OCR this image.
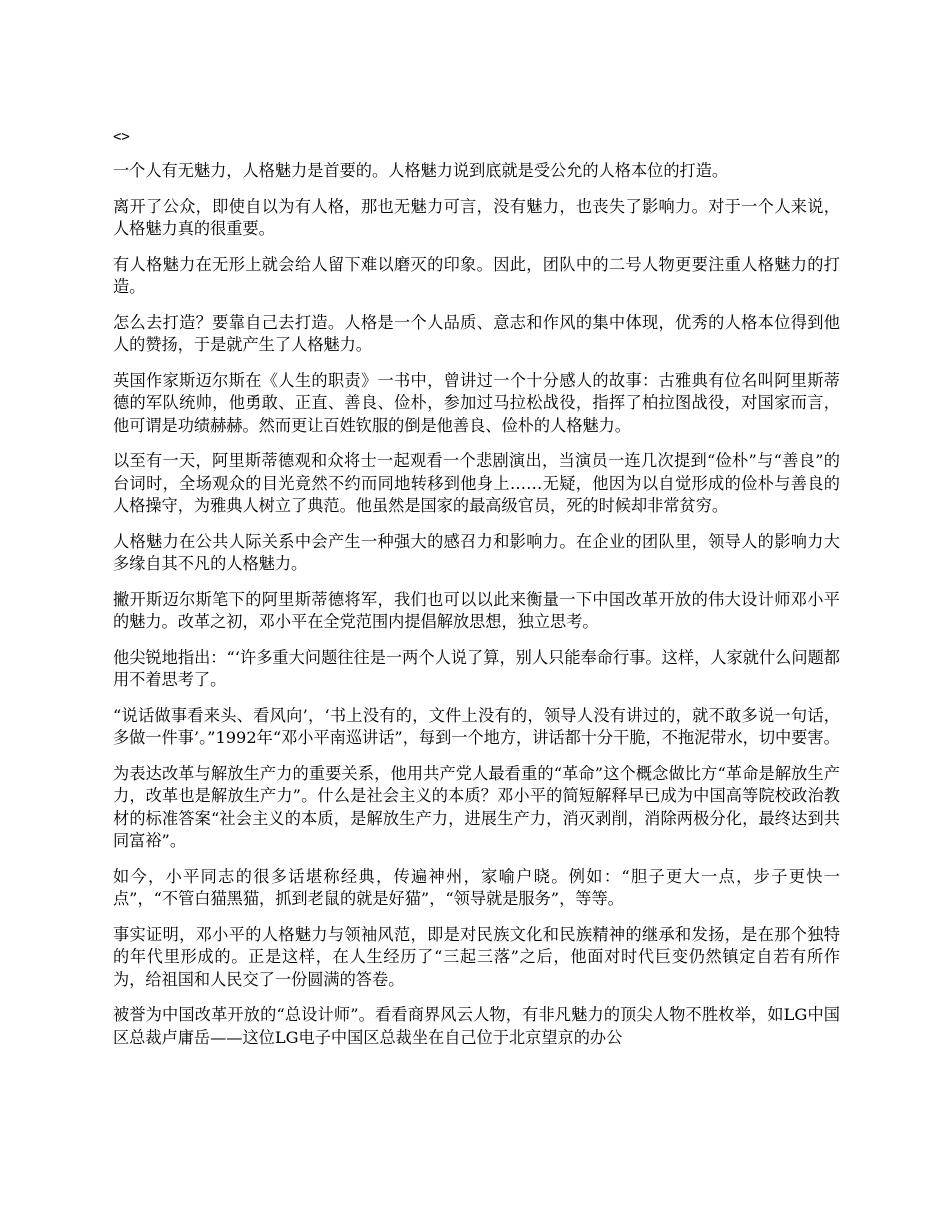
<>

一个人有无魅力，人格魅力是首要的。人格魅力说到底就是受公允的人格本位的打造。

离开了公众，即使自以为有人格，那也无魅力可言，没有魅力，也丧失了影响力。对于一个人来说，人格魅力真的很重要。

有人格魅力在无形上就会给人留下难以磨灭的印象。因此，团队中的二号人物更要注重人格魅力的打造。

怎么去打造？要靠自己去打造。人格是一个人品质、意志和作风的集中体现，优秀的人格本位得到他人的赞扬，于是就产生了人格魅力。

英国作家斯迈尔斯在《人生的职责》一书中，曾讲过一个十分感人的故事：古雅典有位名叫阿里斯蒂德的军队统帅，他勇敢、正直、善良、俭朴，参加过马拉松战役，指挥了柏拉图战役，对国家而言，他可谓是功绩赫赫。然而更让百姓钦服的倒是他善良、俭朴的人格魅力。

以至有一天，阿里斯蒂德观和众将士一起观看一个悲剧演出，当演员一连几次提到“俭朴”与“善良”的台词时，全场观众的目光竟然不约而同地转移到他身上……无疑，他因为以自觉形成的俭朴与善良的人格操守，为雅典人树立了典范。他虽然是国家的最高级官员，死的时候却非常贫穷。

人格魅力在公共人际关系中会产生一种强大的感召力和影响力。在企业的团队里，领导人的影响力大多缘自其不凡的人格魅力。

撇开斯迈尔斯笔下的阿里斯蒂德将军，我们也可以以此来衡量一下中国改革开放的伟大设计师邓小平的魅力。改革之初，邓小平在全党范围内提倡解放思想，独立思考。

他尖锐地指出：“‘许多重大问题往往是一两个人说了算，别人只能奉命行事。这样，人家就什么问题都用不着思考了。

“说话做事看来头、看风向’，‘书上没有的，文件上没有的，领导人没有讲过的，就不敢多说一句话，多做一件事’。”1992年“邓小平南巡讲话”，每到一个地方，讲话都十分干脆，不拖泥带水，切中要害。

为表达改革与解放生产力的重要关系，他用共产党人最看重的“革命”这个概念做比方“革命是解放生产力，改革也是解放生产力”。什么是社会主义的本质？邓小平的简短解释早已成为中国高等院校政治教材的标准答案“社会主义的本质，是解放生产力，进展生产力，消灭剥削，消除两极分化，最终达到共同富裕”。

如今，小平同志的很多话堪称经典，传遍神州，家喻户晓。例如：“胆子更大一点，步子更快一点”，“不管白猫黑猫，抓到老鼠的就是好猫”，“领导就是服务”，等等。

事实证明，邓小平的人格魅力与领袖风范，即是对民族文化和民族精神的继承和发扬，是在那个独特的年代里形成的。正是这样，在人生经历了“三起三落”之后，他面对时代巨变仍然镇定自若有所作为，给祖国和人民交了一份圆满的答卷。

被誉为中国改革开放的“总设计师”。看看商界风云人物，有非凡魅力的顶尖人物不胜枚举，如LG中国区总裁卢庸岳——这位LG电子中国区总裁坐在自己位于北京望京的办公
